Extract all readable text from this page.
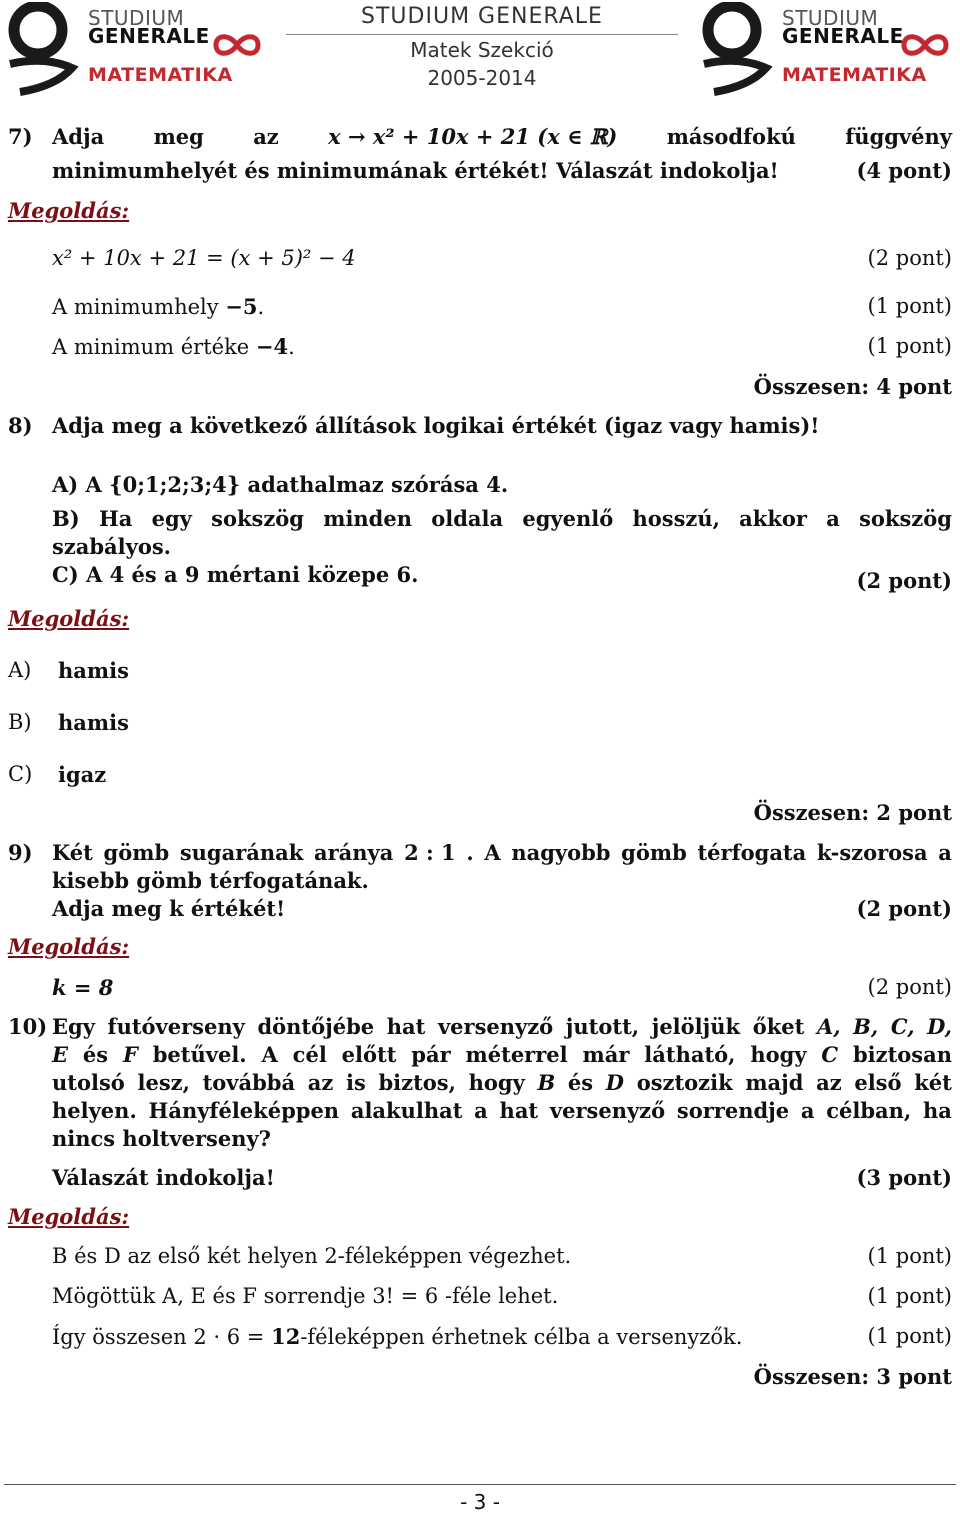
STUDIUM
GENERALE
MATEMATIKA
STUDIUM GENERALE
Matek Szekció
2005-2014
STUDIUM
GENERALE
MATEMATIKA
7) Adja meg az x → x² + 10x + 21 (x ∈ ℝ) másodfokú függvény
minimumhelyét és minimumának értékét! Válaszát indokolja!	(4 pont)
Megoldás:
x² + 10x + 21 = (x + 5)² − 4	(2 pont)
A minimumhely −5.	(1 pont)
A minimum értéke −4.	(1 pont)
Összesen: 4 pont
8) Adja meg a következő állítások logikai értékét (igaz vagy hamis)!
A) A {0;1;2;3;4} adathalmaz szórása 4.
B) Ha egy sokszög minden oldala egyenlő hosszú, akkor a sokszög
szabályos.
C) A 4 és a 9 mértani közepe 6.	(2 pont)
Megoldás:
A) hamis
B) hamis
C) igaz
Összesen: 2 pont
9) Két gömb sugarának aránya 2 : 1 . A nagyobb gömb térfogata k-szorosa a
kisebb gömb térfogatának.
Adja meg k értékét!	(2 pont)
Megoldás:
k = 8	(2 pont)
10) Egy futóverseny döntőjébe hat versenyző jutott, jelöljük őket A, B, C, D,
E és F betűvel. A cél előtt pár méterrel már látható, hogy C biztosan
utolsó lesz, továbbá az is biztos, hogy B és D osztozik majd az első két
helyen. Hányféleképpen alakulhat a hat versenyző sorrendje a célban, ha
nincs holtverseny?
Válaszát indokolja!	(3 pont)
Megoldás:
B és D az első két helyen 2-féleképpen végezhet.	(1 pont)
Mögöttük A, E és F sorrendje 3! = 6 -féle lehet.	(1 pont)
Így összesen 2 · 6 = 12-féleképpen érhetnek célba a versenyzők.	(1 pont)
Összesen: 3 pont
- 3 -
